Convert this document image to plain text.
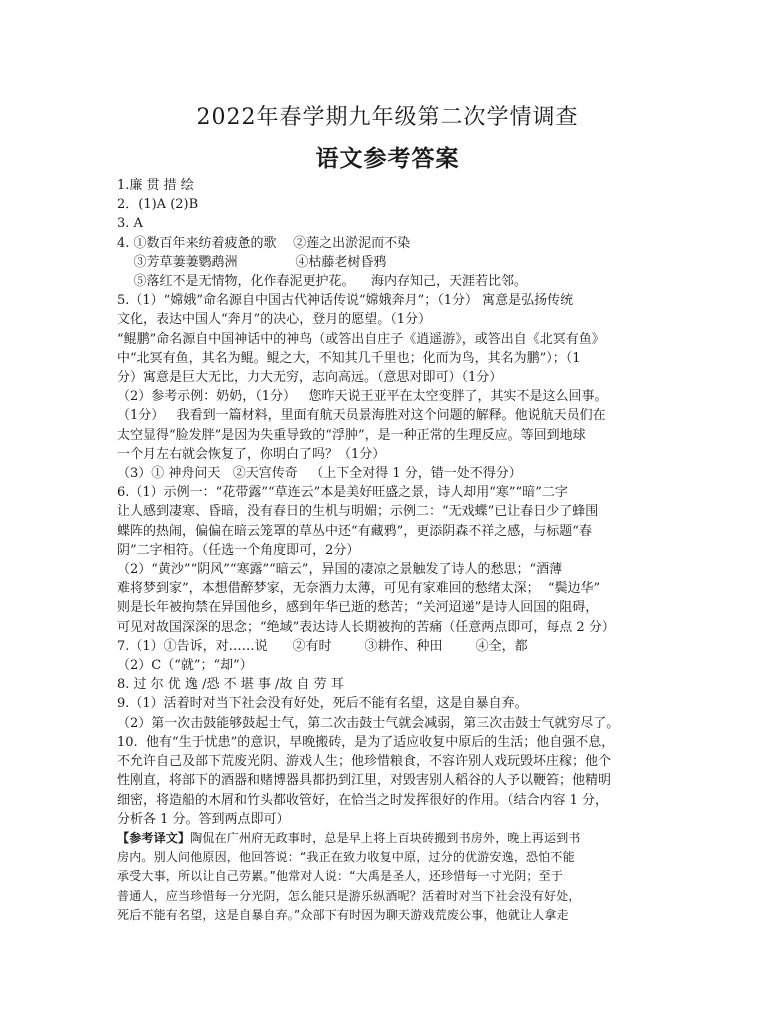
2022年春学期九年级第二次学情调查
语文参考答案
1.廉 贯 措 绘
2．(1)A (2)B
3. A
4. ①数百年来纺着疲惫的歌    ②莲之出淤泥而不染
③芳草萋萋鹦鹉洲              ④枯藤老树昏鸦
⑤落红不是无情物，化作春泥更护花。    海内存知己，天涯若比邻。
5.（1）“嫦娥”命名源自中国古代神话传说“嫦娥奔月”；（1分） 寓意是弘扬传统
文化，表达中国人“奔月”的决心，登月的愿望。（1分）
“鲲鹏”命名源自中国神话中的神鸟（或答出自庄子《逍遥游》，或答出自《北冥有鱼》
中“北冥有鱼，其名为鲲。鲲之大，不知其几千里也；化而为鸟，其名为鹏”）；（1
分）寓意是巨大无比，力大无穷，志向高远。（意思对即可）（1分）
（2）参考示例：奶奶，（1分）   您昨天说王亚平在太空变胖了，其实不是这么回事。
（1分）   我看到一篇材料，里面有航天员景海胜对这个问题的解释。他说航天员们在
太空显得“脸发胖”是因为失重导致的“浮肿”，是一种正常的生理反应。等回到地球
一个月左右就会恢复了，你明白了吗？（1分）
（3）① 神舟问天   ②天宫传奇   （上下全对得 1 分，错一处不得分）
6.（1）示例一：“花带露”“草连云”本是美好旺盛之景，诗人却用“寒”“暗”二字
让人感到凄寒、昏暗，没有春日的生机与明媚；示例二：“无戏蝶”已让春日少了蜂围
蝶阵的热闹，偏偏在暗云笼罩的草丛中还“有藏鸦”，更添阴森不祥之感，与标题“春
阴”二字相符。（任选一个角度即可，2分）
（2）“黄沙”“阴风”“寒露”“暗云”，异国的凄凉之景触发了诗人的愁思；“酒薄
难将梦到家”，本想借醉梦家，无奈酒力太薄，可见有家难回的愁绪太深；  “鬓边华”
则是长年被拘禁在异国他乡，感到年华已逝的愁苦；“关河迢递”是诗人回国的阻碍，
可见对故国深深的思念；“绝域”表达诗人长期被拘的苦痛（任意两点即可，每点 2 分）
7.（1）①告诉，对……说      ②有时        ③耕作、种田        ④全，都
（2）C（“就”；“却”）
8. 过 尔 优 逸 /恐 不 堪 事 /故 自 劳 耳
9.（1）活着时对当下社会没有好处，死后不能有名望，这是自暴自弃。
（2）第一次击鼓能够鼓起士气，第二次击鼓士气就会减弱，第三次击鼓士气就穷尽了。
10.  他有“生于忧患”的意识，早晚搬砖，是为了适应收复中原后的生活；他自强不息，
不允许自己及部下荒废光阴、游戏人生；他珍惜粮食，不容许别人戏玩毁坏庄稼；他个
性刚直，将部下的酒器和赌博器具都扔到江里，对毁害别人稻谷的人予以鞭笞；他精明
细密，将造船的木屑和竹头都收管好，在恰当之时发挥很好的作用。（结合内容 1 分，
分析各 1 分。答到两点即可）
【参考译文】陶侃在广州府无政事时，总是早上将上百块砖搬到书房外，晚上再运到书
房内。别人问他原因，他回答说：“我正在致力收复中原，过分的优游安逸，恐怕不能
承受大事，所以让自己劳累。”他常对人说：“大禹是圣人，还珍惜每一寸光阴；至于
普通人，应当珍惜每一分光阴，怎么能只是游乐纵酒呢？活着时对当下社会没有好处，
死后不能有名望，这是自暴自弃。”众部下有时因为聊天游戏荒废公事，他就让人拿走
